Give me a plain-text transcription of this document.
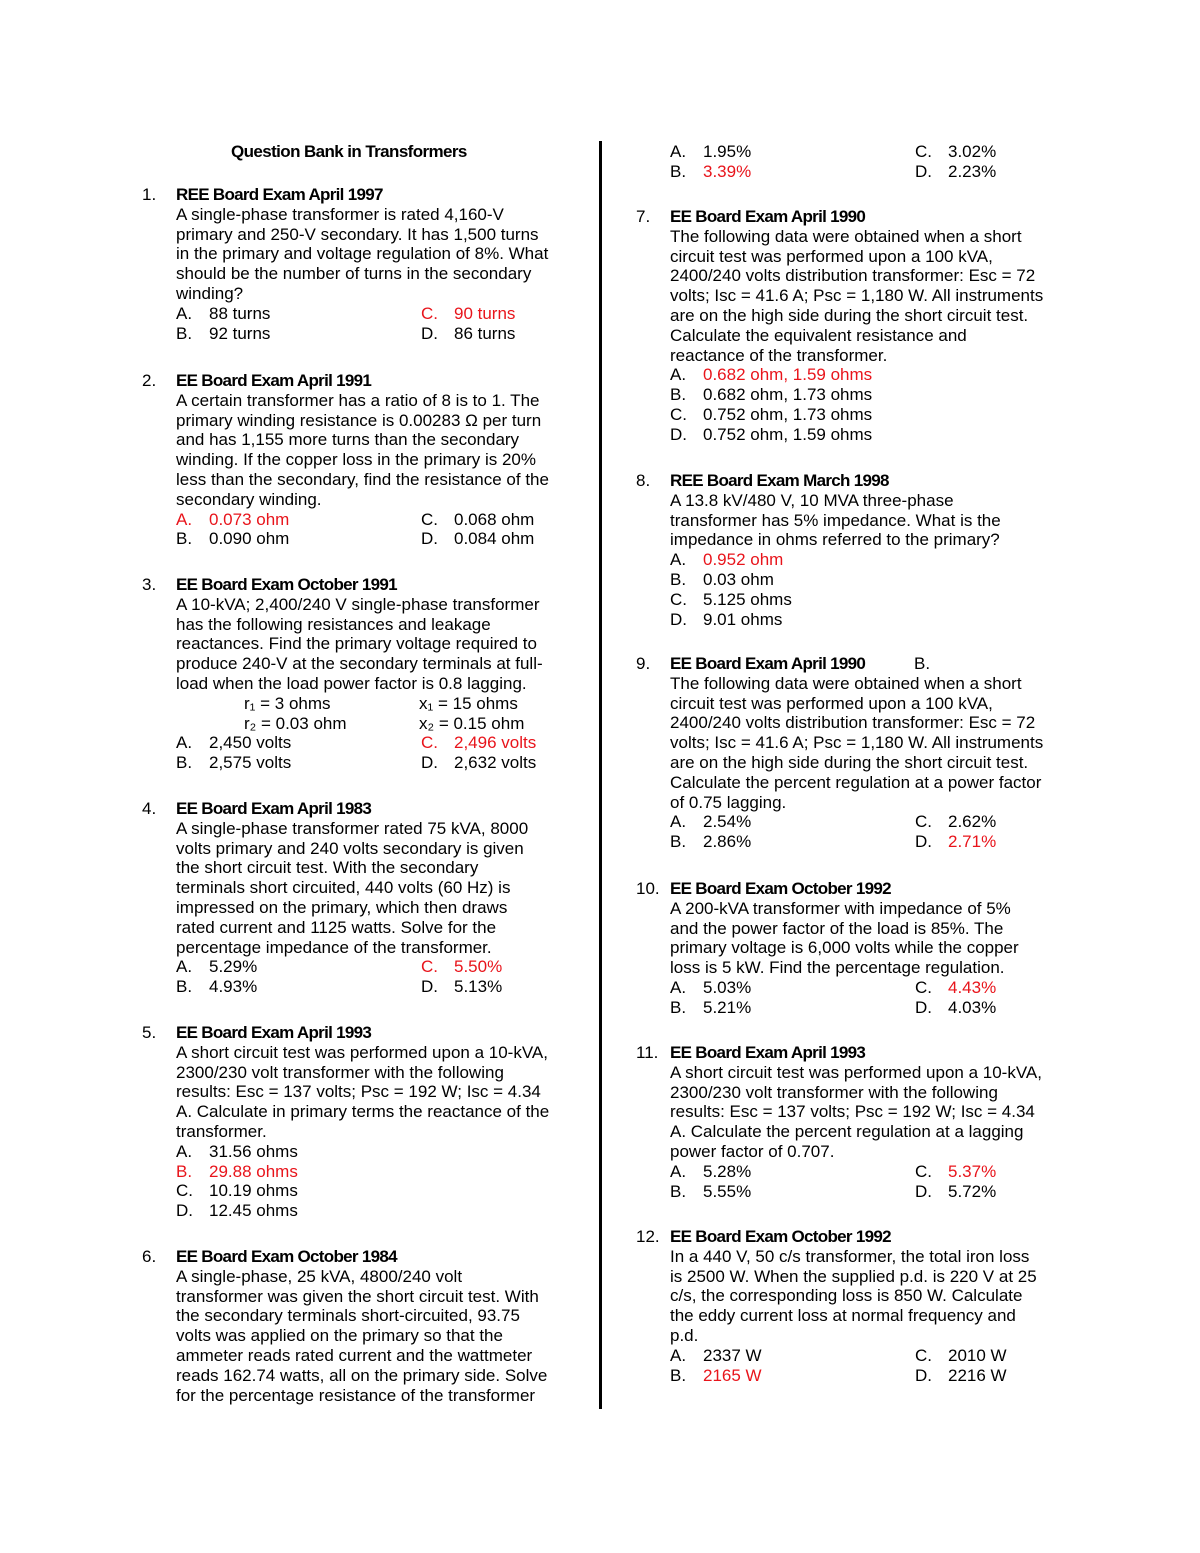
Question Bank in Transformers
1.	REE Board Exam April 1997
A single-phase transformer is rated 4,160-V
primary and 250-V secondary. It has 1,500 turns
in the primary and voltage regulation of 8%. What
should be the number of turns in the secondary
winding?
A. 88 turns	C. 90 turns
B. 92 turns	D. 86 turns
2.	EE Board Exam April 1991
A certain transformer has a ratio of 8 is to 1. The
primary winding resistance is 0.00283 Ω per turn
and has 1,155 more turns than the secondary
winding. If the copper loss in the primary is 20%
less than the secondary, find the resistance of the
secondary winding.
A. 0.073 ohm	C. 0.068 ohm
B. 0.090 ohm	D. 0.084 ohm
3.	EE Board Exam October 1991
A 10-kVA; 2,400/240 V single-phase transformer
has the following resistances and leakage
reactances. Find the primary voltage required to
produce 240-V at the secondary terminals at full-
load when the load power factor is 0.8 lagging.
r₁ = 3 ohms	x₁ = 15 ohms
r₂ = 0.03 ohm	x₂ = 0.15 ohm
A. 2,450 volts	C. 2,496 volts
B. 2,575 volts	D. 2,632 volts
4.	EE Board Exam April 1983
A single-phase transformer rated 75 kVA, 8000
volts primary and 240 volts secondary is given
the short circuit test. With the secondary
terminals short circuited, 440 volts (60 Hz) is
impressed on the primary, which then draws
rated current and 1125 watts. Solve for the
percentage impedance of the transformer.
A. 5.29%	C. 5.50%
B. 4.93%	D. 5.13%
5.	EE Board Exam April 1993
A short circuit test was performed upon a 10-kVA,
2300/230 volt transformer with the following
results: Esc = 137 volts; Psc = 192 W; Isc = 4.34
A. Calculate in primary terms the reactance of the
transformer.
A. 31.56 ohms
B. 29.88 ohms
C. 10.19 ohms
D. 12.45 ohms
6.	EE Board Exam October 1984
A single-phase, 25 kVA, 4800/240 volt
transformer was given the short circuit test. With
the secondary terminals short-circuited, 93.75
volts was applied on the primary so that the
ammeter reads rated current and the wattmeter
reads 162.74 watts, all on the primary side. Solve
for the percentage resistance of the transformer
A. 1.95%	C. 3.02%
B. 3.39%	D. 2.23%
7.	EE Board Exam April 1990
The following data were obtained when a short
circuit test was performed upon a 100 kVA,
2400/240 volts distribution transformer: Esc = 72
volts; Isc = 41.6 A; Psc = 1,180 W. All instruments
are on the high side during the short circuit test.
Calculate the equivalent resistance and
reactance of the transformer.
A. 0.682 ohm, 1.59 ohms
B. 0.682 ohm, 1.73 ohms
C. 0.752 ohm, 1.73 ohms
D. 0.752 ohm, 1.59 ohms
8.	REE Board Exam March 1998
A 13.8 kV/480 V, 10 MVA three-phase
transformer has 5% impedance. What is the
impedance in ohms referred to the primary?
A. 0.952 ohm
B. 0.03 ohm
C. 5.125 ohms
D. 9.01 ohms
9.	EE Board Exam April 1990
The following data were obtained when a short
circuit test was performed upon a 100 kVA,
2400/240 volts distribution transformer: Esc = 72
volts; Isc = 41.6 A; Psc = 1,180 W. All instruments
are on the high side during the short circuit test.
Calculate the percent regulation at a power factor
of 0.75 lagging.
A. 2.54%	C. 2.62%
B. 2.86%	D. 2.71%
B.
10. EE Board Exam October 1992
A 200-kVA transformer with impedance of 5%
and the power factor of the load is 85%. The
primary voltage is 6,000 volts while the copper
loss is 5 kW. Find the percentage regulation.
A. 5.03%	C. 4.43%
B. 5.21%	D. 4.03%
11. EE Board Exam April 1993
A short circuit test was performed upon a 10-kVA,
2300/230 volt transformer with the following
results: Esc = 137 volts; Psc = 192 W; Isc = 4.34
A. Calculate the percent regulation at a lagging
power factor of 0.707.
A. 5.28%	C. 5.37%
B. 5.55%	D. 5.72%
12. EE Board Exam October 1992
In a 440 V, 50 c/s transformer, the total iron loss
is 2500 W. When the supplied p.d. is 220 V at 25
c/s, the corresponding loss is 850 W. Calculate
the eddy current loss at normal frequency and
p.d.
A. 2337 W	C. 2010 W
B. 2165 W	D. 2216 W
